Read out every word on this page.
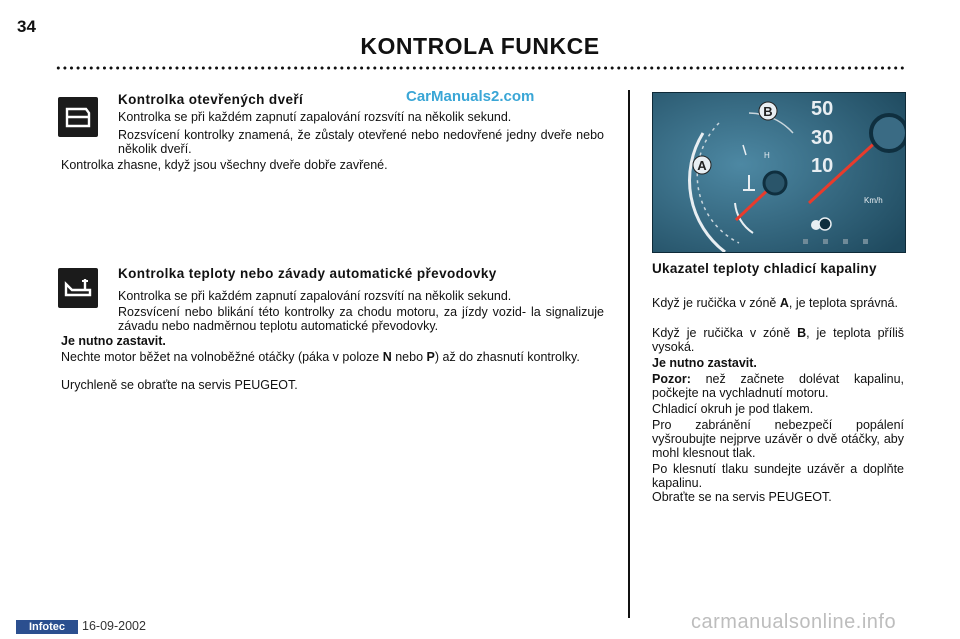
34
KONTROLA FUNKCE
CarManuals2.com
Kontrolka otevřených dveří
Kontrolka se při každém zapnutí zapalování rozsvítí na několik sekund.
Rozsvícení kontrolky znamená, že zůstaly otevřené nebo nedovřené jedny dveře nebo několik dveří.
Kontrolka zhasne, když jsou všechny dveře dobře zavřené.
Kontrolka teploty nebo závady automatické převodovky
Kontrolka se při každém zapnutí zapalování rozsvítí na několik sekund.
Rozsvícení nebo blikání této kontrolky za chodu motoru, za jízdy vozid- la signalizuje závadu nebo nadměrnou teplotu automatické převodovky.
Je nutno zastavit.
Nechte motor běžet na volnoběžné otáčky (páka v poloze N nebo P) až do zhasnutí kontrolky.
Urychleně se obraťte na servis PEUGEOT.
B
A
H
50
30
10
Km/h
Ukazatel teploty chladicí kapaliny
Když je ručička v zóně A, je teplota správná.
Když je ručička v zóně B, je teplota příliš vysoká.
Je nutno zastavit.
Pozor: než začnete dolévat kapalinu, počkejte na vychladnutí motoru.
Chladicí okruh je pod tlakem.
Pro zabránění nebezpečí popálení vyšroubujte nejprve uzávěr o dvě otáčky, aby mohl klesnout tlak.
Po klesnutí tlaku sundejte uzávěr a doplňte kapalinu.
Obraťte se na servis PEUGEOT.
Infotec	16-09-2002	carmanualsonline.info
